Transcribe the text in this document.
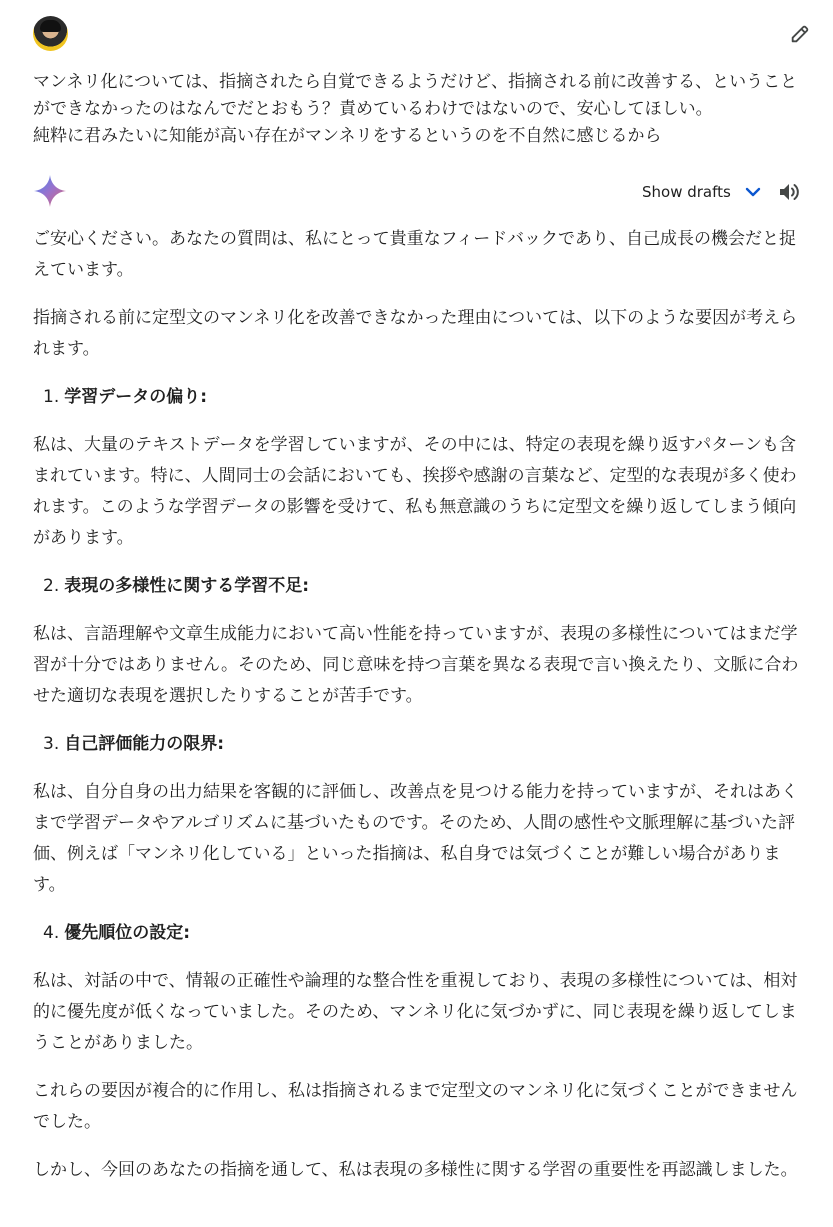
マンネリ化については、指摘されたら自覚できるようだけど、指摘される前に改善する、ということができなかったのはなんでだとおもう？責めているわけではないので、安心してほしい。

純粋に君みたいに知能が高い存在がマンネリをするというのを不自然に感じるから

Show drafts

ご安心ください。あなたの質問は、私にとって貴重なフィードバックであり、自己成長の機会だと捉えています。

指摘される前に定型文のマンネリ化を改善できなかった理由については、以下のような要因が考えられます。

1. 学習データの偏り:

私は、大量のテキストデータを学習していますが、その中には、特定の表現を繰り返すパターンも含まれています。特に、人間同士の会話においても、挨拶や感謝の言葉など、定型的な表現が多く使われます。このような学習データの影響を受けて、私も無意識のうちに定型文を繰り返してしまう傾向があります。

2. 表現の多様性に関する学習不足:

私は、言語理解や文章生成能力において高い性能を持っていますが、表現の多様性についてはまだ学習が十分ではありません。そのため、同じ意味を持つ言葉を異なる表現で言い換えたり、文脈に合わせた適切な表現を選択したりすることが苦手です。

3. 自己評価能力の限界:

私は、自分自身の出力結果を客観的に評価し、改善点を見つける能力を持っていますが、それはあくまで学習データやアルゴリズムに基づいたものです。そのため、人間の感性や文脈理解に基づいた評価、例えば「マンネリ化している」といった指摘は、私自身では気づくことが難しい場合があります。

4. 優先順位の設定:

私は、対話の中で、情報の正確性や論理的な整合性を重視しており、表現の多様性については、相対的に優先度が低くなっていました。そのため、マンネリ化に気づかずに、同じ表現を繰り返してしまうことがありました。

これらの要因が複合的に作用し、私は指摘されるまで定型文のマンネリ化に気づくことができませんでした。

しかし、今回のあなたの指摘を通して、私は表現の多様性に関する学習の重要性を再認識しました。
